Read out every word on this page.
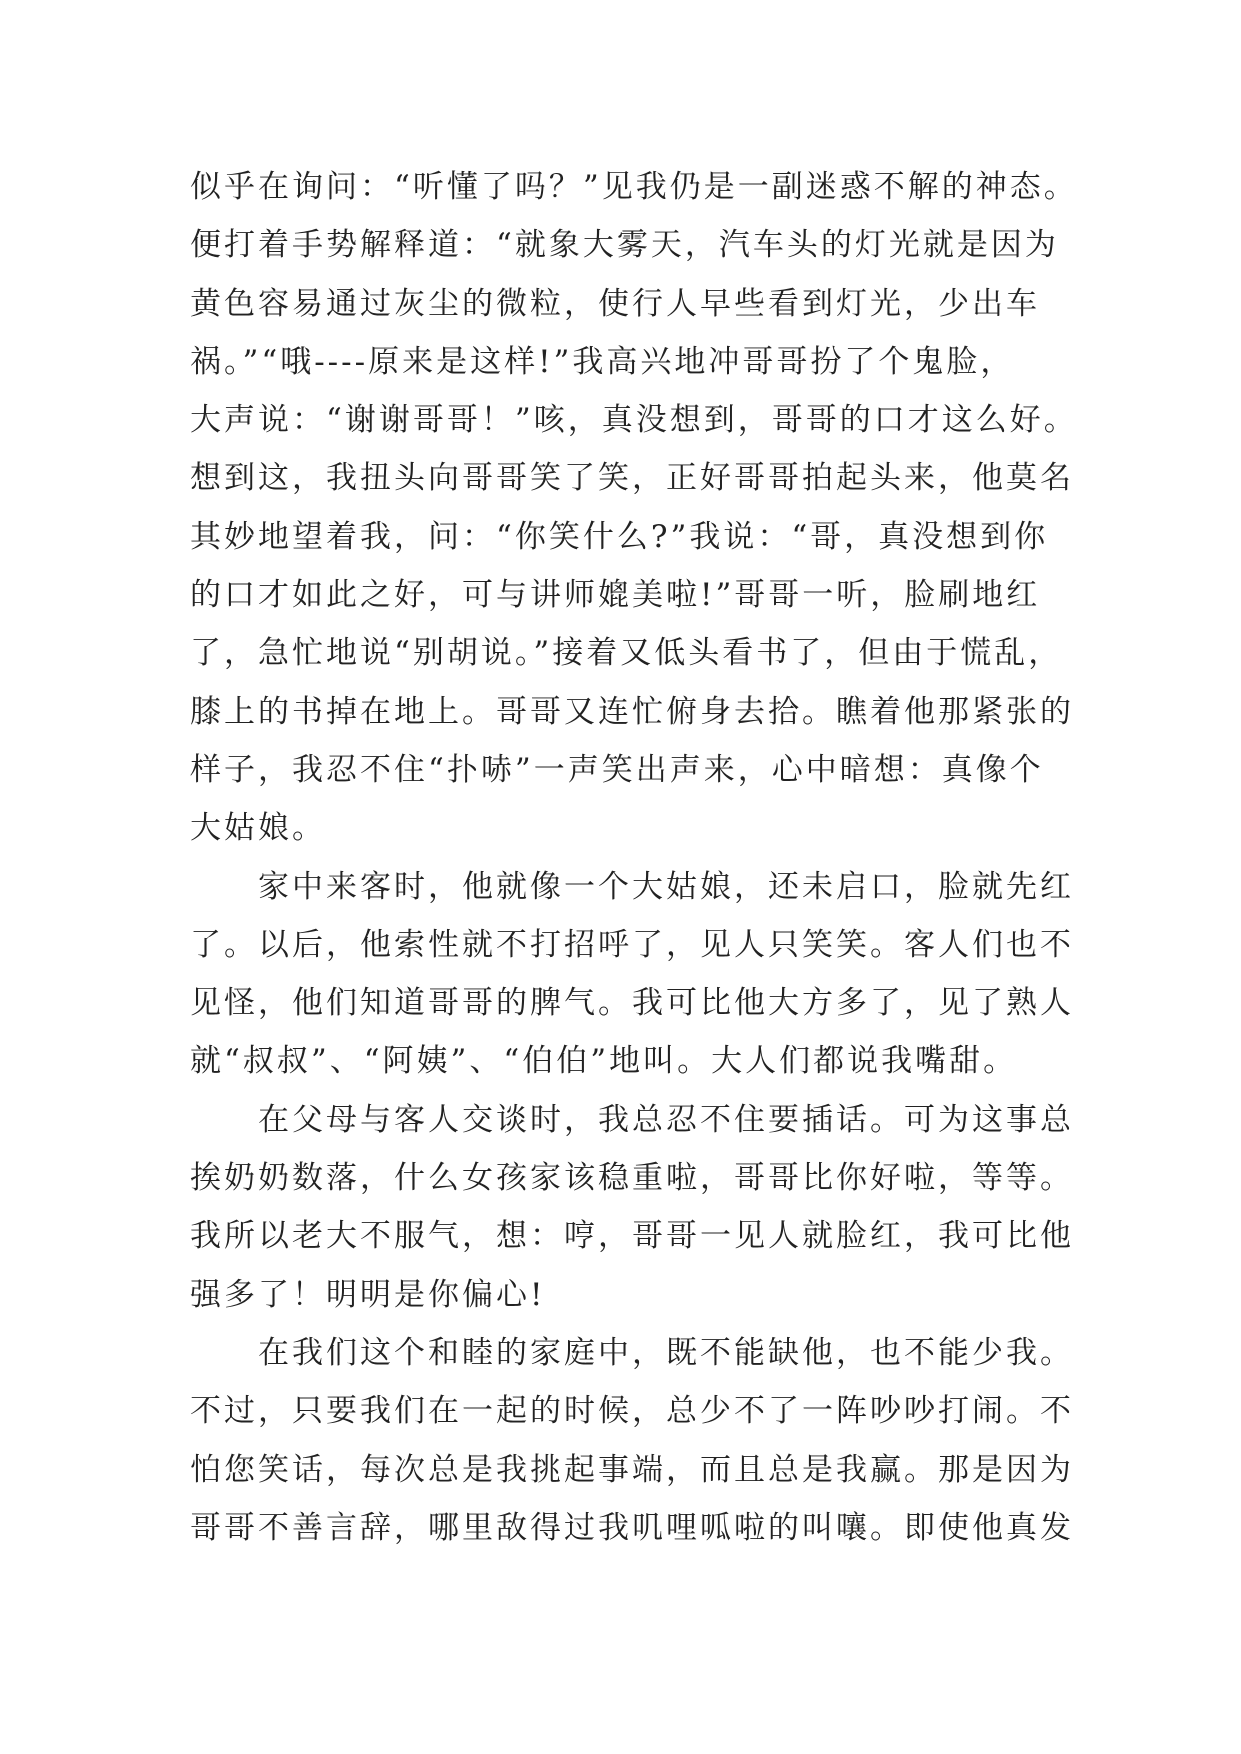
似乎在询问：“听懂了吗？”见我仍是一副迷惑不解的神态。
便打着手势解释道：“就象大雾天，汽车头的灯光就是因为
黄色容易通过灰尘的微粒，使行人早些看到灯光，少出车
祸。”“哦----原来是这样!”我高兴地冲哥哥扮了个鬼脸，
大声说：“谢谢哥哥！”咳，真没想到，哥哥的口才这么好。
想到这，我扭头向哥哥笑了笑，正好哥哥拍起头来，他莫名
其妙地望着我，问：“你笑什么?”我说：“哥，真没想到你
的口才如此之好，可与讲师媲美啦!”哥哥一听，脸刷地红
了，急忙地说“别胡说。”接着又低头看书了，但由于慌乱，
膝上的书掉在地上。哥哥又连忙俯身去拾。瞧着他那紧张的
样子，我忍不住“扑哧”一声笑出声来，心中暗想：真像个
大姑娘。
　　家中来客时，他就像一个大姑娘，还未启口，脸就先红
了。以后，他索性就不打招呼了，见人只笑笑。客人们也不
见怪，他们知道哥哥的脾气。我可比他大方多了，见了熟人
就“叔叔”、“阿姨”、“伯伯”地叫。大人们都说我嘴甜。
　　在父母与客人交谈时，我总忍不住要插话。可为这事总
挨奶奶数落，什么女孩家该稳重啦，哥哥比你好啦，等等。
我所以老大不服气，想：哼，哥哥一见人就脸红，我可比他
强多了！明明是你偏心!
　　在我们这个和睦的家庭中，既不能缺他，也不能少我。
不过，只要我们在一起的时候，总少不了一阵吵吵打闹。不
怕您笑话，每次总是我挑起事端，而且总是我赢。那是因为
哥哥不善言辞，哪里敌得过我叽哩呱啦的叫嚷。即使他真发
